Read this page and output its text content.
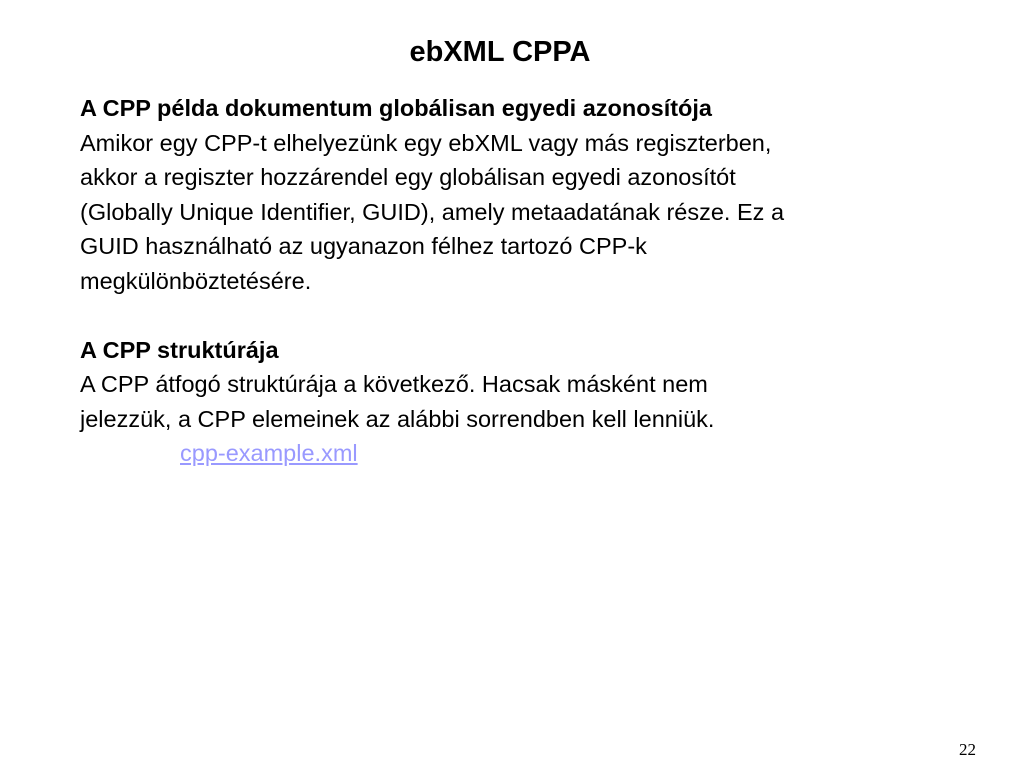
ebXML CPPA

A CPP példa dokumentum globálisan egyedi azonosítója

Amikor egy CPP-t elhelyezünk egy ebXML vagy más regiszterben,

akkor a regiszter hozzárendel egy globálisan egyedi azonosítót

(Globally Unique Identifier, GUID), amely metaadatának része. Ez a

GUID használható az ugyanazon félhez tartozó CPP-k

megkülönböztetésére.

A CPP struktúrája

A CPP átfogó struktúrája a következő. Hacsak másként nem

jelezzük, a CPP elemeinek az alábbi sorrendben kell lenniük.

cpp-example.xml

22
